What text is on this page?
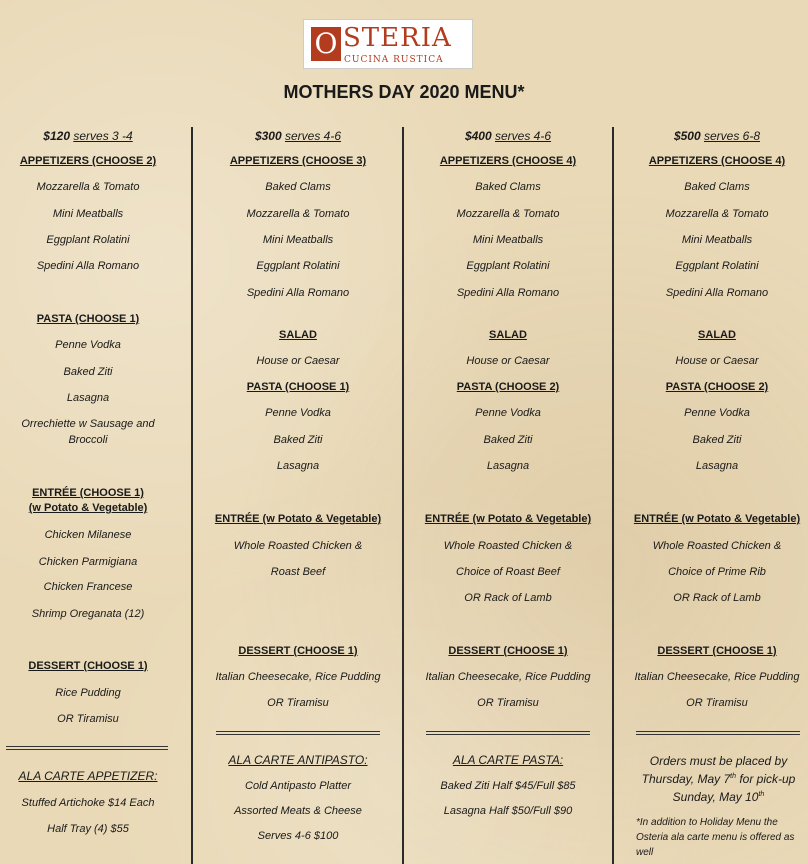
O STERIA
CUCINA RUSTICA
MOTHERS DAY 2020 MENU*
$120 serves 3 -4
APPETIZERS (CHOOSE 2)
Mozzarella & Tomato
Mini Meatballs
Eggplant Rolatini
Spedini Alla Romano
PASTA (CHOOSE 1)
Penne Vodka
Baked Ziti
Lasagna
Orrechiette w Sausage and
Broccoli
ENTRÉE (CHOOSE 1)
(w Potato & Vegetable)
Chicken Milanese
Chicken Parmigiana
Chicken Francese
Shrimp Oreganata (12)
DESSERT (CHOOSE 1)
Rice Pudding
OR Tiramisu
ALA CARTE APPETIZER:
Stuffed Artichoke $14 Each
Half Tray (4) $55
$300 serves 4-6
APPETIZERS (CHOOSE 3)
Baked Clams
Mozzarella & Tomato
Mini Meatballs
Eggplant Rolatini
Spedini Alla Romano
SALAD
House or Caesar
PASTA (CHOOSE 1)
Penne Vodka
Baked Ziti
Lasagna
ENTRÉE (w Potato & Vegetable)
Whole Roasted Chicken &
Roast Beef
DESSERT (CHOOSE 1)
Italian Cheesecake, Rice Pudding
OR Tiramisu
ALA CARTE ANTIPASTO:
Cold Antipasto Platter
Assorted Meats & Cheese
Serves 4-6 $100
$400 serves 4-6
APPETIZERS (CHOOSE 4)
Baked Clams
Mozzarella & Tomato
Mini Meatballs
Eggplant Rolatini
Spedini Alla Romano
SALAD
House or Caesar
PASTA (CHOOSE 2)
Penne Vodka
Baked Ziti
Lasagna
ENTRÉE (w Potato & Vegetable)
Whole Roasted Chicken &
Choice of Roast Beef
OR Rack of Lamb
DESSERT (CHOOSE 1)
Italian Cheesecake, Rice Pudding
OR Tiramisu
ALA CARTE PASTA:
Baked Ziti Half $45/Full $85
Lasagna Half $50/Full $90
$500 serves 6-8
APPETIZERS (CHOOSE 4)
Baked Clams
Mozzarella & Tomato
Mini Meatballs
Eggplant Rolatini
Spedini Alla Romano
SALAD
House or Caesar
PASTA (CHOOSE 2)
Penne Vodka
Baked Ziti
Lasagna
ENTRÉE (w Potato & Vegetable)
Whole Roasted Chicken &
Choice of Prime Rib
OR Rack of Lamb
DESSERT (CHOOSE 1)
Italian Cheesecake, Rice Pudding
OR Tiramisu
Orders must be placed by
Thursday, May 7th for pick-up
Sunday, May 10th
*In addition to Holiday Menu the Osteria ala carte menu is offered as well
